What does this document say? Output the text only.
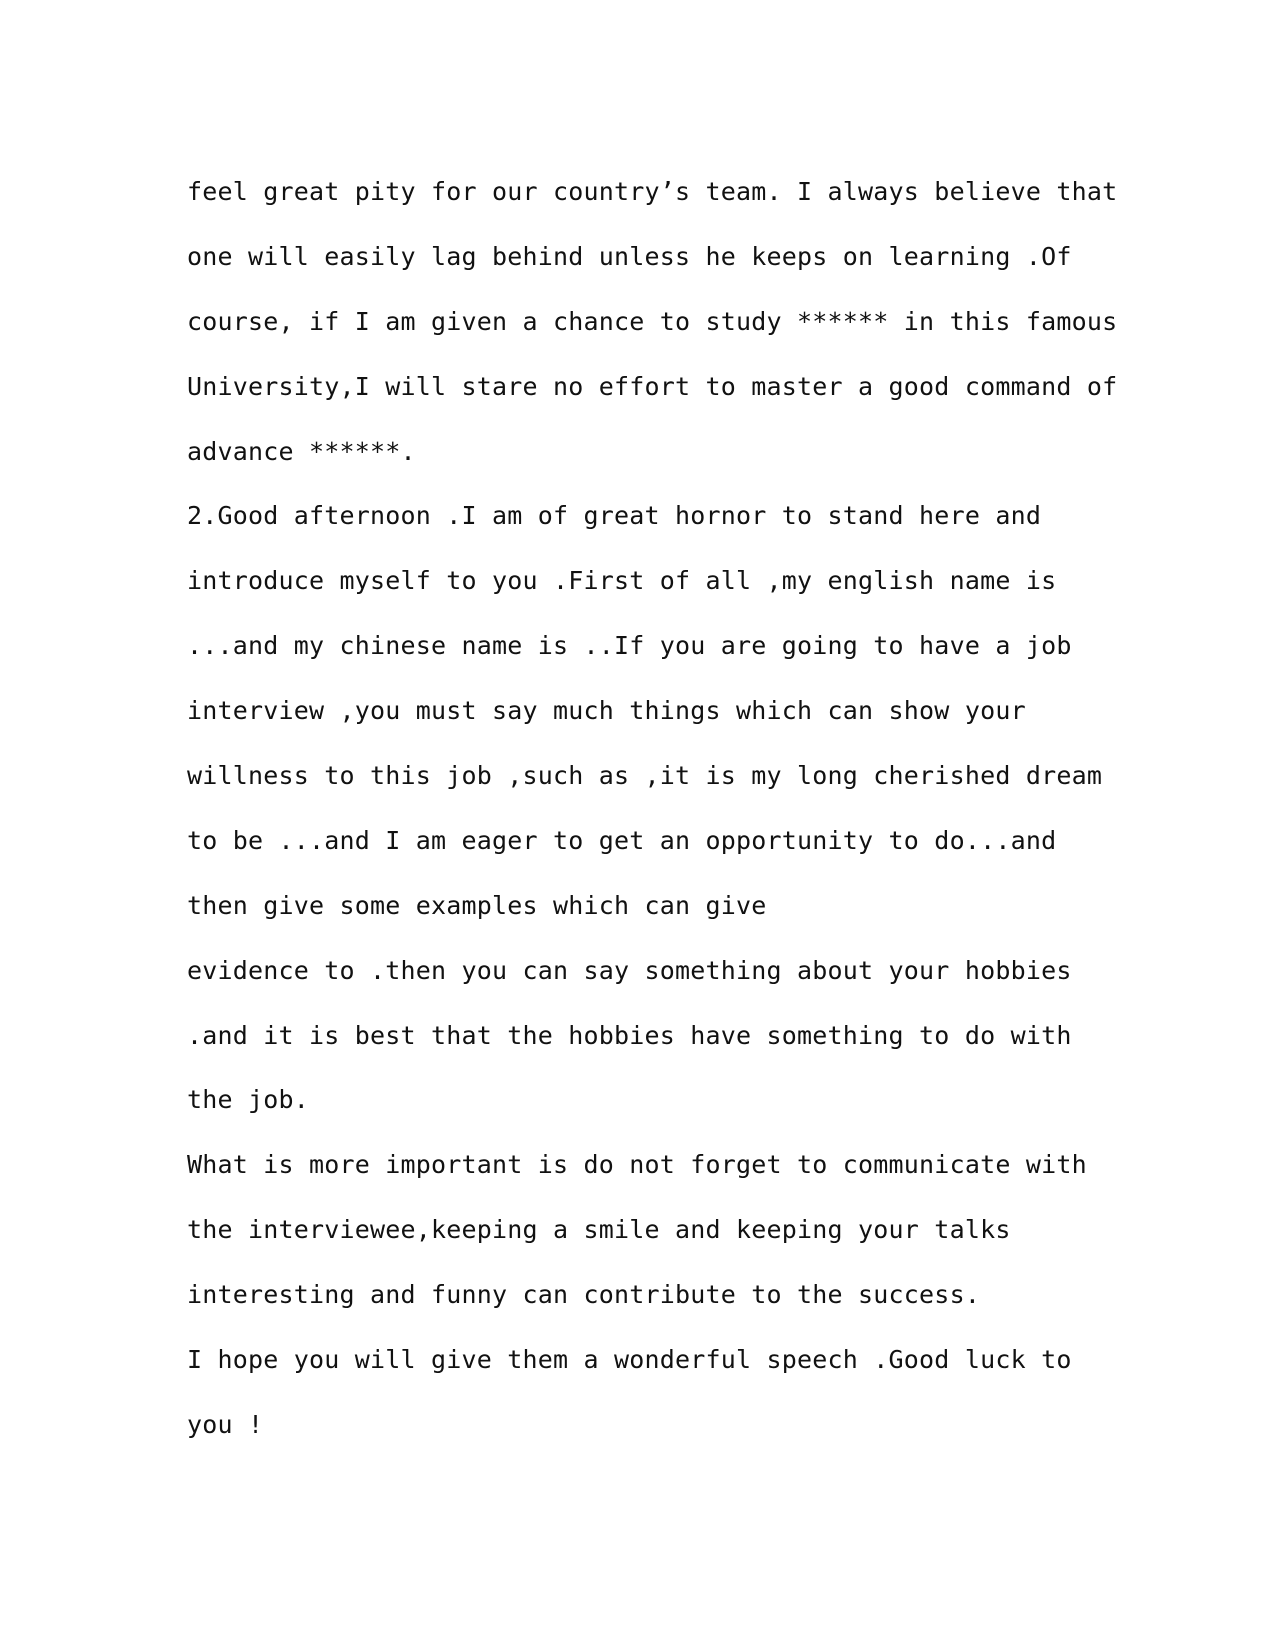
feel great pity for our country’s team. I always believe that
one will easily lag behind unless he keeps on learning .Of
course, if I am given a chance to study ****** in this famous
University,I will stare no effort to master a good command of
advance ******.
2.Good afternoon .I am of great hornor to stand here and
introduce myself to you .First of all ,my english name is
...and my chinese name is ..If you are going to have a job
interview ,you must say much things which can show your
willness to this job ,such as ,it is my long cherished dream
to be ...and I am eager to get an opportunity to do...and
then give some examples which can give
evidence to .then you can say something about your hobbies
.and it is best that the hobbies have something to do with
the job.
What is more important is do not forget to communicate with
the interviewee,keeping a smile and keeping your talks
interesting and funny can contribute to the success.
I hope you will give them a wonderful speech .Good luck to
you !
